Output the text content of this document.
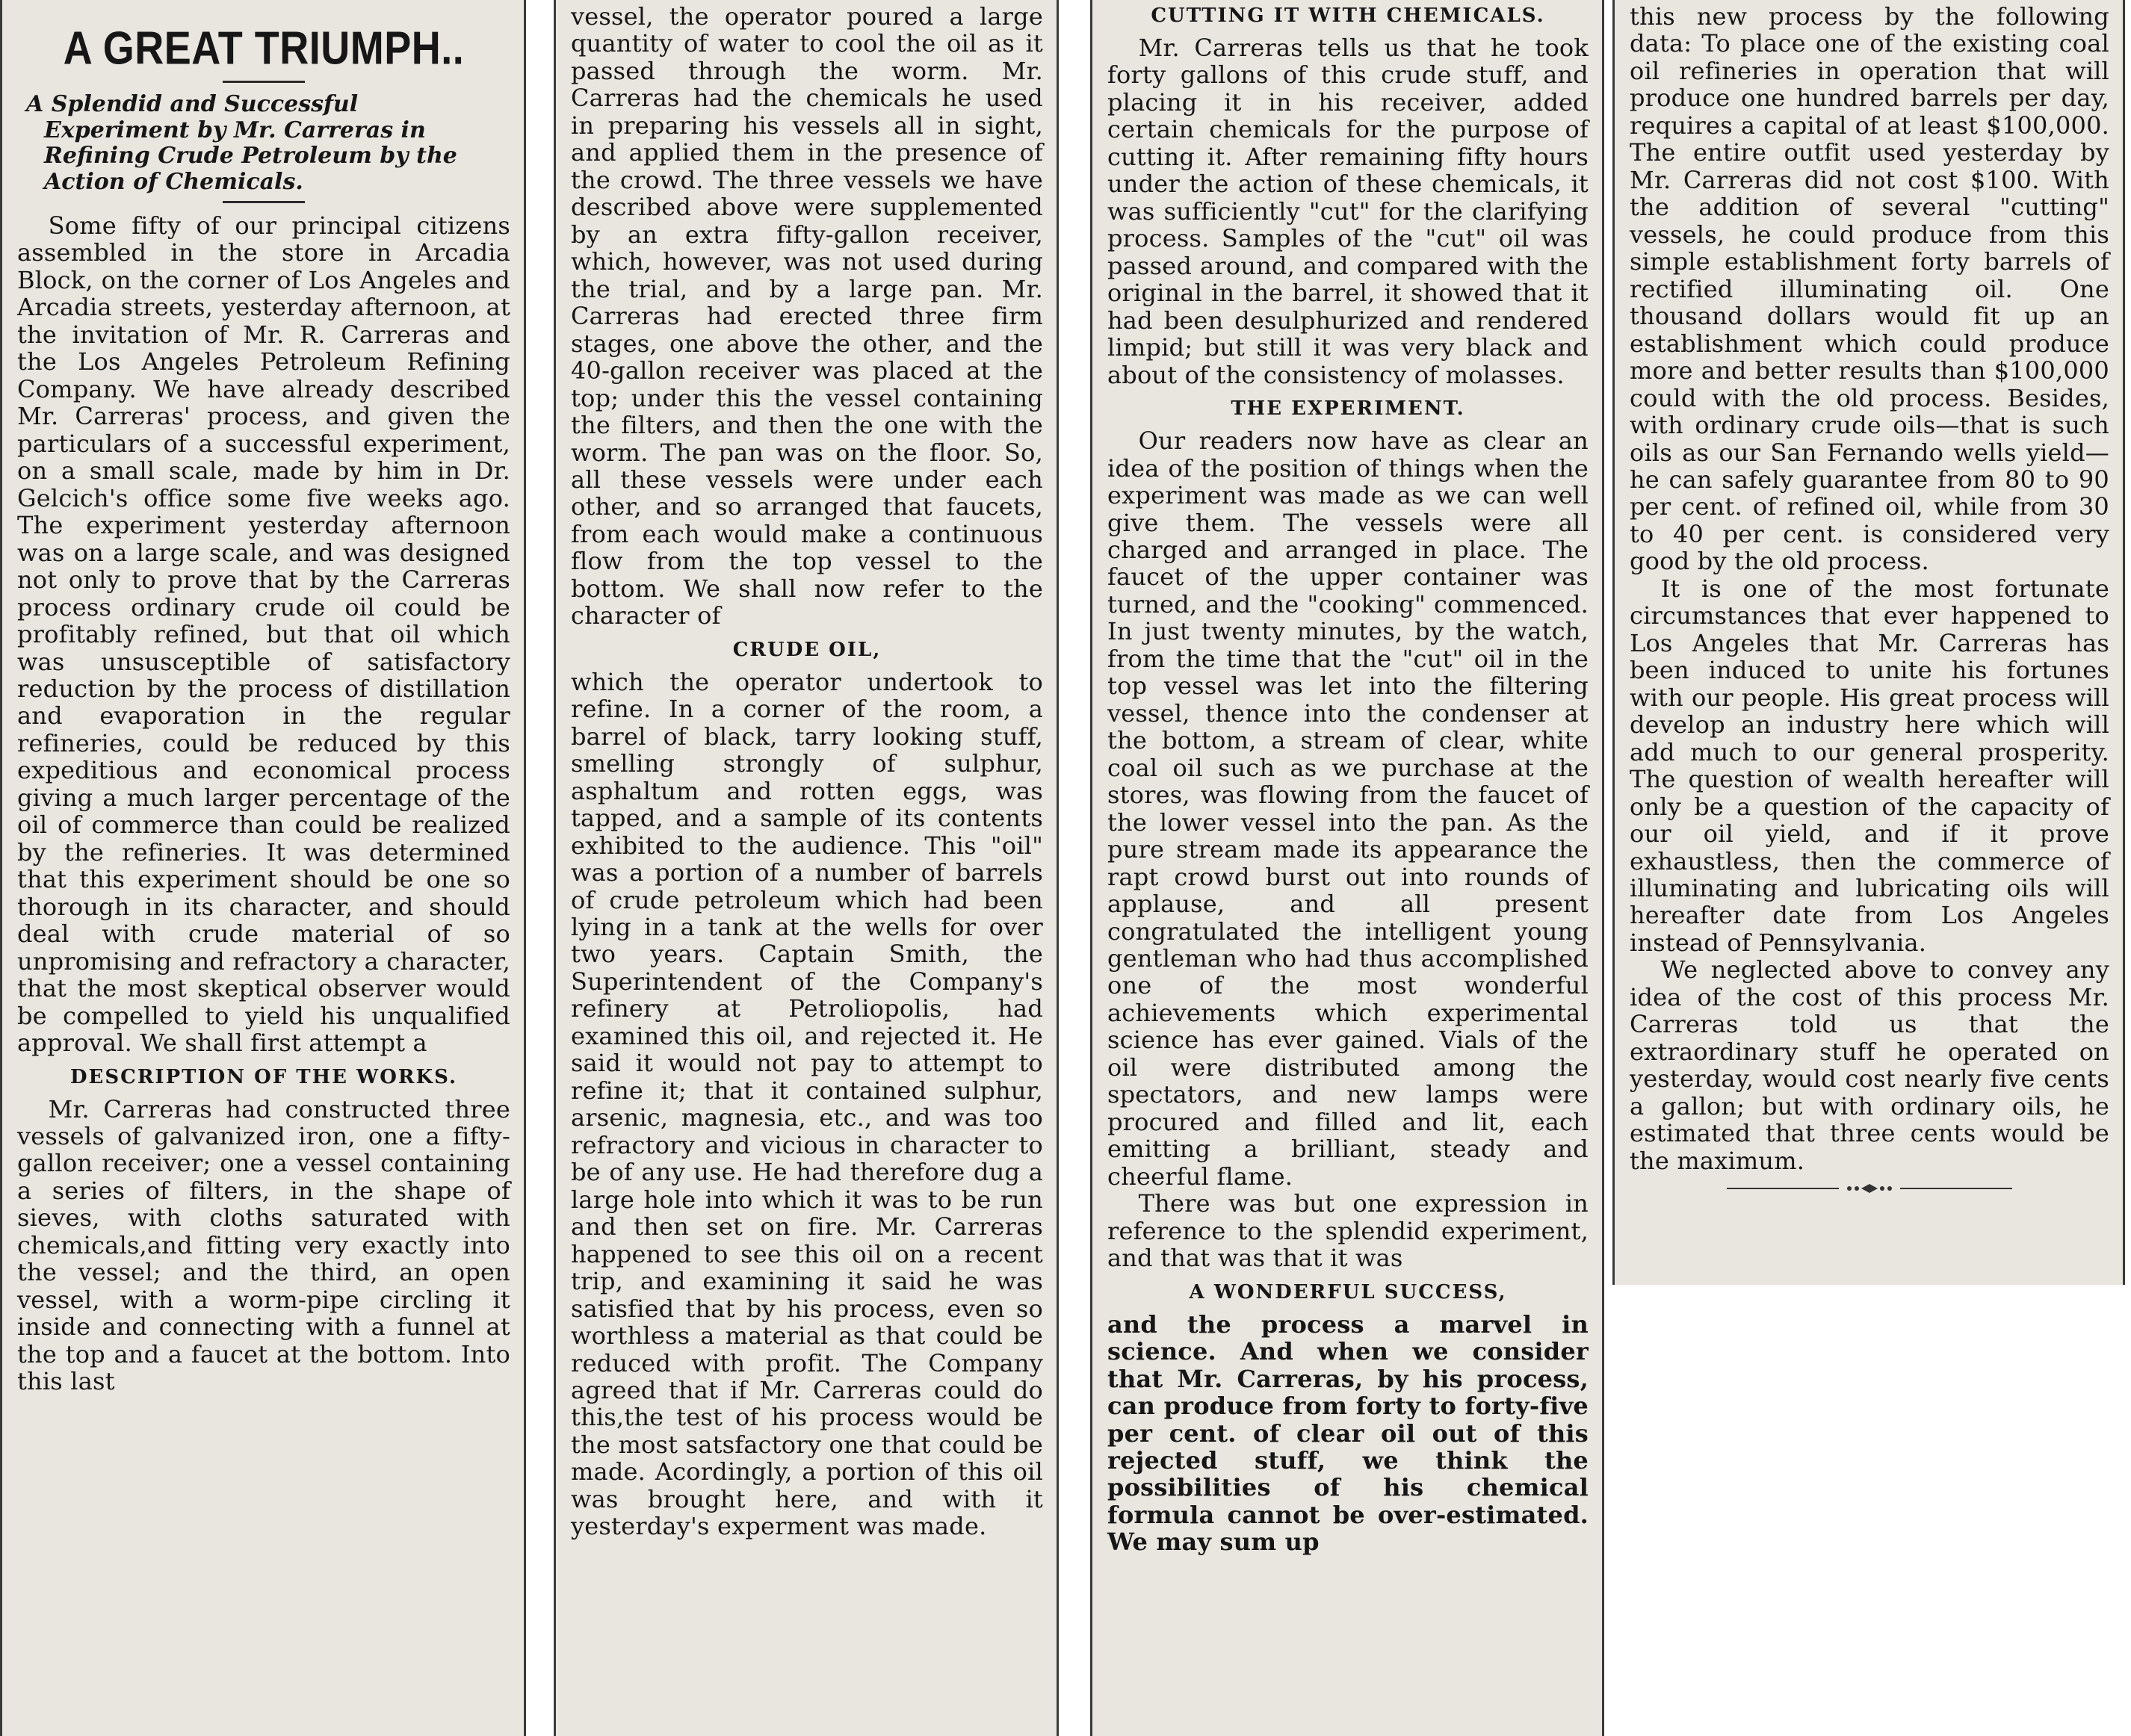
A GREAT TRIUMPH..
A Splendid and Successful Experiment by Mr. Carreras in Refining Crude Petroleum by the Action of Chemicals.

Some fifty of our principal citizens assembled in the store in Arcadia Block, on the corner of Los Angeles and Arcadia streets, yesterday afternoon, at the invitation of Mr. R. Carreras and the Los Angeles Petroleum Refining Company. We have already described Mr. Carreras' process, and given the particulars of a successful experiment, on a small scale, made by him in Dr. Gelcich's office some five weeks ago. The experiment yesterday afternoon was on a large scale, and was designed not only to prove that by the Carreras process ordinary crude oil could be profitably refined, but that oil which was unsusceptible of satisfactory reduction by the process of distillation and evaporation in the regular refineries, could be reduced by this expeditious and economical process giving a much larger percentage of the oil of commerce than could be realized by the refineries. It was determined that this experiment should be one so thorough in its character, and should deal with crude material of so unpromising and refractory a character, that the most skeptical observer would be compelled to yield his unqualified approval. We shall first attempt a

DESCRIPTION OF THE WORKS.

Mr. Carreras had constructed three vessels of galvanized iron, one a fifty-gallon receiver; one a vessel containing a series of filters, in the shape of sieves, with cloths saturated with chemicals,and fitting very exactly into the vessel; and the third, an open vessel, with a worm-pipe circling it inside and connecting with a funnel at the top and a faucet at the bottom. Into this last

vessel, the operator poured a large quantity of water to cool the oil as it passed through the worm. Mr. Carreras had the chemicals he used in preparing his vessels all in sight, and applied them in the presence of the crowd. The three vessels we have described above were supplemented by an extra fifty-gallon receiver, which, however, was not used during the trial, and by a large pan. Mr. Carreras had erected three firm stages, one above the other, and the 40-gallon receiver was placed at the top; under this the vessel containing the filters, and then the one with the worm. The pan was on the floor. So, all these vessels were under each other, and so arranged that faucets, from each would make a continuous flow from the top vessel to the bottom. We shall now refer to the character of

CRUDE OIL,

which the operator undertook to refine. In a corner of the room, a barrel of black, tarry looking stuff, smelling strongly of sulphur, asphaltum and rotten eggs, was tapped, and a sample of its contents exhibited to the audience. This "oil" was a portion of a number of barrels of crude petroleum which had been lying in a tank at the wells for over two years. Captain Smith, the Superintendent of the Company's refinery at Petroliopolis, had examined this oil, and rejected it. He said it would not pay to attempt to refine it; that it contained sulphur, arsenic, magnesia, etc., and was too refractory and vicious in character to be of any use. He had therefore dug a large hole into which it was to be run and then set on fire. Mr. Carreras happened to see this oil on a recent trip, and examining it said he was satisfied that by his process, even so worthless a material as that could be reduced with profit. The Company agreed that if Mr. Carreras could do this,the test of his process would be the most satsfactory one that could be made. Acordingly, a portion of this oil was brought here, and with it yesterday's experment was made.

CUTTING IT WITH CHEMICALS.

Mr. Carreras tells us that he took forty gallons of this crude stuff, and placing it in his receiver, added certain chemicals for the purpose of cutting it. After remaining fifty hours under the action of these chemicals, it was sufficiently "cut" for the clarifying process. Samples of the "cut" oil was passed around, and compared with the original in the barrel, it showed that it had been desulphurized and rendered limpid; but still it was very black and about of the consistency of molasses.

THE EXPERIMENT.

Our readers now have as clear an idea of the position of things when the experiment was made as we can well give them. The vessels were all charged and arranged in place. The faucet of the upper container was turned, and the "cooking" commenced. In just twenty minutes, by the watch, from the time that the "cut" oil in the top vessel was let into the filtering vessel, thence into the condenser at the bottom, a stream of clear, white coal oil such as we purchase at the stores, was flowing from the faucet of the lower vessel into the pan. As the pure stream made its appearance the rapt crowd burst out into rounds of applause, and all present congratulated the intelligent young gentleman who had thus accomplished one of the most wonderful achievements which experimental science has ever gained. Vials of the oil were distributed among the spectators, and new lamps were procured and filled and lit, each emitting a brilliant, steady and cheerful flame.

There was but one expression in reference to the splendid experiment, and that was that it was

A WONDERFUL SUCCESS,

and the process a marvel in science. And when we consider that Mr. Carreras, by his process, can produce from forty to forty-five per cent. of clear oil out of this rejected stuff, we think the possibilities of his chemical formula cannot be over-estimated. We may sum up

this new process by the following data: To place one of the existing coal oil refineries in operation that will produce one hundred barrels per day, requires a capital of at least $100,000. The entire outfit used yesterday by Mr. Carreras did not cost $100. With the addition of several "cutting" vessels, he could produce from this simple establishment forty barrels of rectified illuminating oil. One thousand dollars would fit up an establishment which could produce more and better results than $100,000 could with the old process. Besides, with ordinary crude oils—that is such oils as our San Fernando wells yield—he can safely guarantee from 80 to 90 per cent. of refined oil, while from 30 to 40 per cent. is considered very good by the old process.

It is one of the most fortunate circumstances that ever happened to Los Angeles that Mr. Carreras has been induced to unite his fortunes with our people. His great process will develop an industry here which will add much to our general prosperity. The question of wealth hereafter will only be a question of the capacity of our oil yield, and if it prove exhaustless, then the commerce of illuminating and lubricating oils will hereafter date from Los Angeles instead of Pennsylvania.

We neglected above to convey any idea of the cost of this process Mr. Carreras told us that the extraordinary stuff he operated on yesterday, would cost nearly five cents a gallon; but with ordinary oils, he estimated that three cents would be the maximum.
